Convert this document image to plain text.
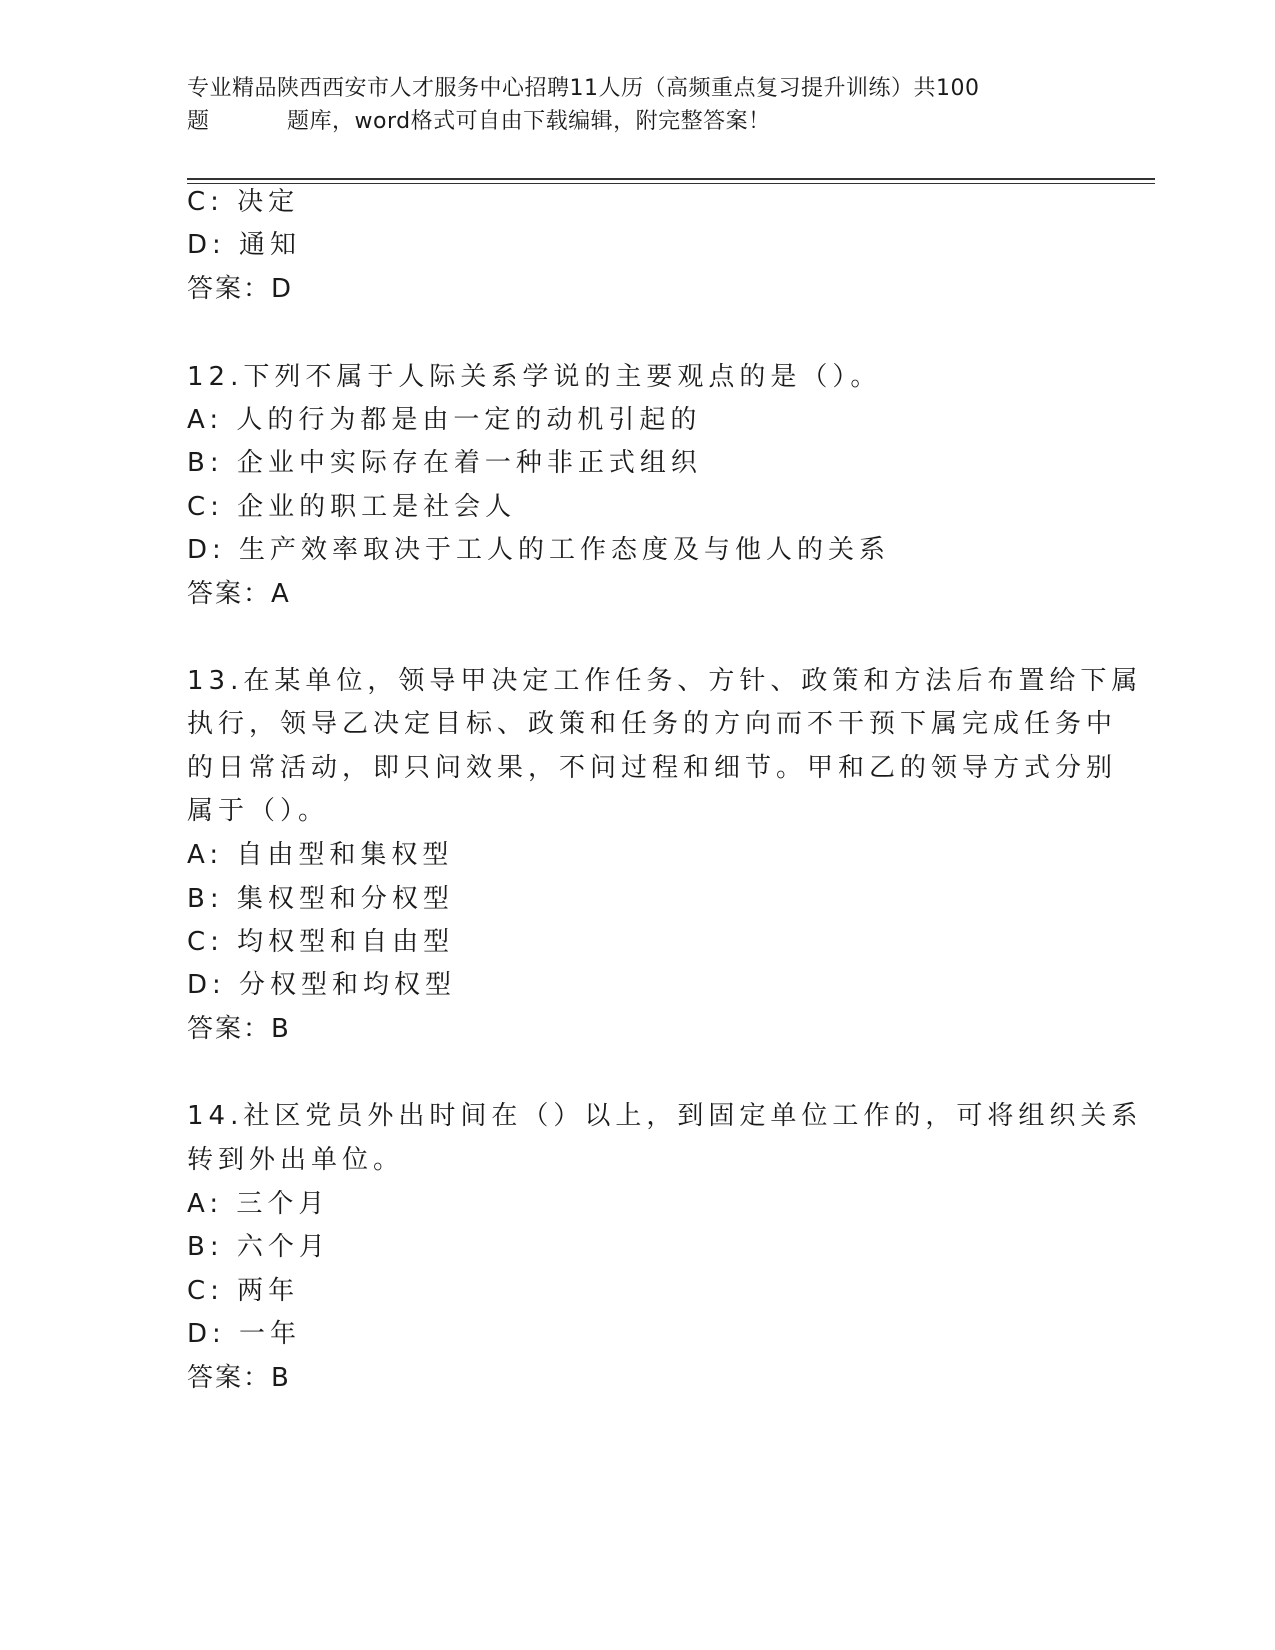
专业精品陕西西安市人才服务中心招聘11人历（高频重点复习提升训练）共100
题	题库，word格式可自由下载编辑，附完整答案！
C: 决定
D: 通知
答案：D
12.下列不属于人际关系学说的主要观点的是（）。
A: 人的行为都是由一定的动机引起的
B: 企业中实际存在着一种非正式组织
C: 企业的职工是社会人
D: 生产效率取决于工人的工作态度及与他人的关系
答案：A
13.在某单位，领导甲决定工作任务、方针、政策和方法后布置给下属
执行，领导乙决定目标、政策和任务的方向而不干预下属完成任务中
的日常活动，即只问效果，不问过程和细节。甲和乙的领导方式分别
属于（）。
A: 自由型和集权型
B: 集权型和分权型
C: 均权型和自由型
D: 分权型和均权型
答案：B
14.社区党员外出时间在（）以上，到固定单位工作的，可将组织关系
转到外出单位。
A: 三个月
B: 六个月
C: 两年
D: 一年
答案：B
